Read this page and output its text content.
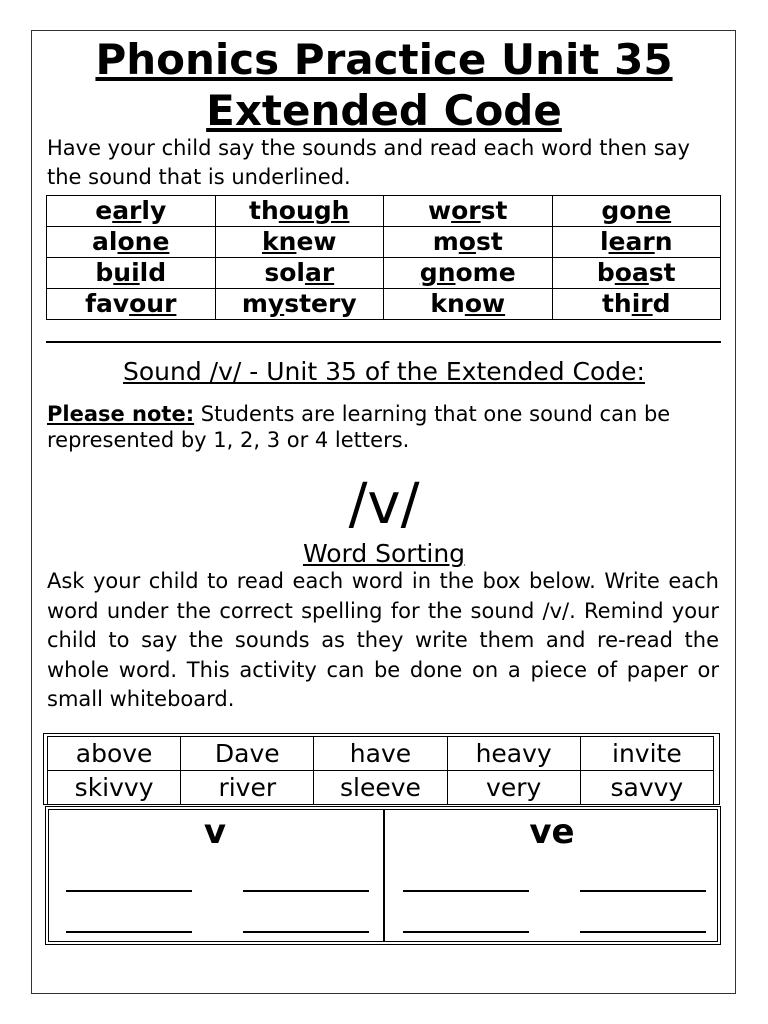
Phonics Practice Unit 35
Extended Code
Have your child say the sounds and read each word then say the sound that is underlined.
early	though	worst	gone
alone	knew	most	learn
build	solar	gnome	boast
favour	mystery	know	third
Sound /v/ - Unit 35 of the Extended Code:
Please note: Students are learning that one sound can be represented by 1, 2, 3 or 4 letters.
/v/
Word Sorting
Ask your child to read each word in the box below. Write each word under the correct spelling for the sound /v/. Remind your child to say the sounds as they write them and re-read the whole word. This activity can be done on a piece of paper or small whiteboard.
above	Dave	have	heavy	invite
skivvy	river	sleeve	very	savvy
v	ve
